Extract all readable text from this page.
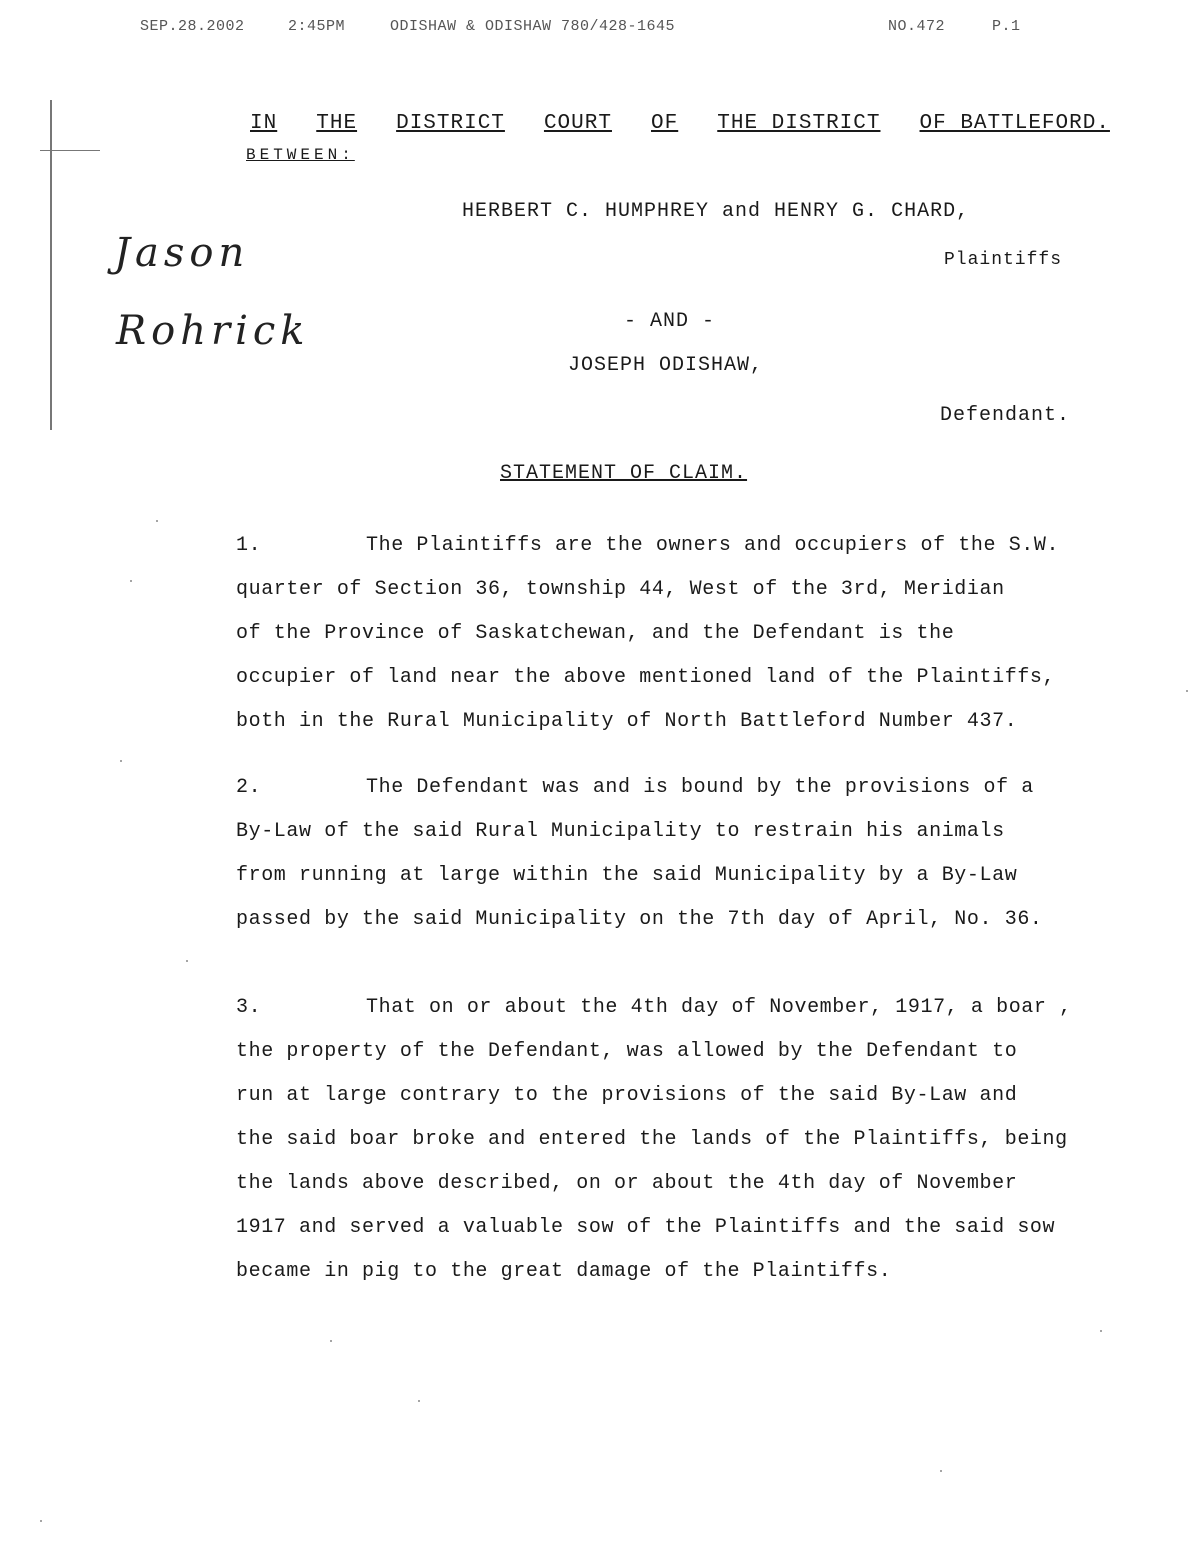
SEP.28.2002	2:45PM	ODISHAW & ODISHAW 780/428-1645	NO.472	P.1
IN THE DISTRICT COURT OF THE DISTRICT OF BATTLEFORD.
BETWEEN:
HERBERT C. HUMPHREY and HENRY G. CHARD,
Plaintiffs
- AND -
JOSEPH ODISHAW,
Defendant.
Jason
Rohrick
STATEMENT OF CLAIM.
1.	The Plaintiffs are the owners and occupiers of the S.W.
quarter of Section 36, township 44, West of the 3rd, Meridian
of the Province of Saskatchewan, and the Defendant is the
occupier of land near the above mentioned land of the Plaintiffs,
both in the Rural Municipality of North Battleford Number 437.
2.	The Defendant was and is bound by the provisions of a
By-Law of the said Rural Municipality to restrain his animals
from running at large within the said Municipality by a By-Law
passed by the said Municipality on the 7th day of April, No. 36.
3.	That on or about the 4th day of November, 1917, a boar ,
the property of the Defendant, was allowed by the Defendant to
run at large contrary to the provisions of the said By-Law and
the said boar broke and entered the lands of the Plaintiffs, being
the lands above described, on or about the 4th day of November
1917 and served a valuable sow of the Plaintiffs and the said sow
became in pig to the great damage of the Plaintiffs.
